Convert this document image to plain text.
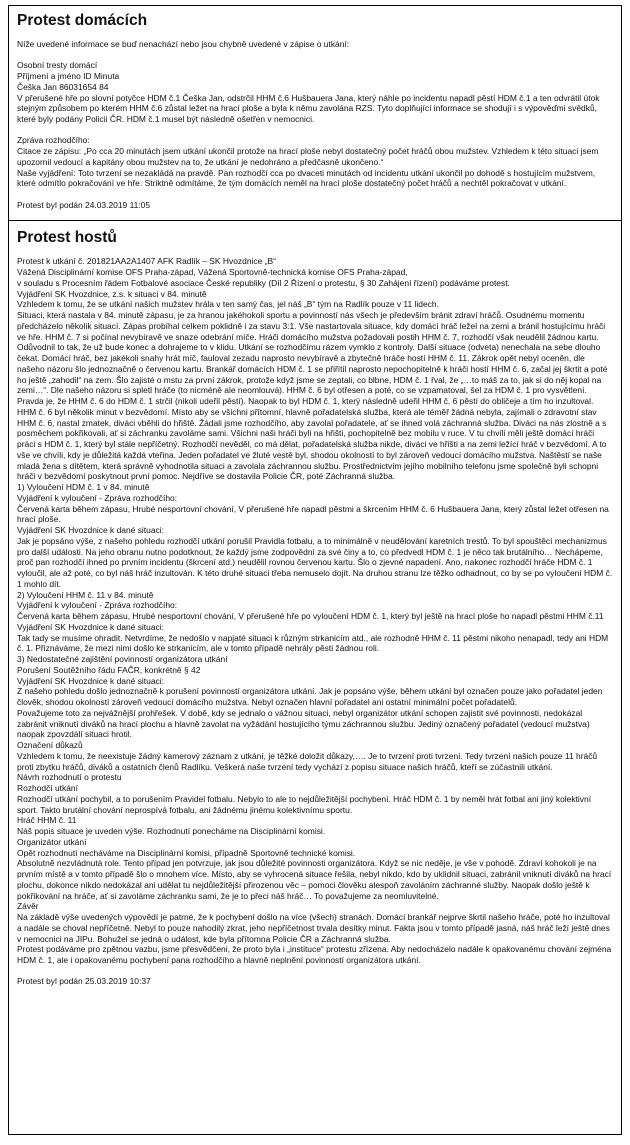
Protest domácích

Níže uvedené informace se buď nenachází nebo jsou chybně uvedené v zápise o utkání:

Osobní tresty domácí

Příjmení a jméno ID Minuta

Češka Jan 86031654 84

V přerušené hře po slovní potyčce HDM č.1 Češka Jan, odstrčil HHM č.6 Hušbauera Jana, který náhle po incidentu napadl pěstí HDM č.1 a ten odvrátil útok stejným způsobem po kterém HHM č.6 zůstal ležet na hrací ploše a byla k němu zavolána RZS. Tyto doplňující informace se shodují i s výpověďmi svědků, které byly podány Policii ČR. HDM č.1 musel být následně ošetřen v nemocnici.

Zpráva rozhodčího:

Citace ze zápisu: „Po cca 20 minutách jsem utkání ukončil protože na hrací ploše nebyl dostatečný počet hráčů obou mužstev. Vzhledem k této situaci jsem upozornil vedoucí a kapitány obou mužstev na to, že utkání je nedohráno a předčasně ukončeno.“

Naše vyjádření: Toto tvrzení se nezakládá na pravdě. Pan rozhodčí cca po dvaceti minutách od incidentu utkání ukončil po dohodě s hostujícím mužstvem, které odmítlo pokračování ve hře. Striktně odmítáme, že tým domácích neměl na hrací ploše dostatečný počet hráčů a nechtěl pokračovat v utkání.

Protest byl podán 24.03.2019 11:05

Protest hostů

Protest k utkání č. 201821AA2A1407 AFK Radlík – SK Hvozdnice „B“

Vážená Disciplinární komise OFS Praha-západ, Vážená Sportovně-technická komise OFS Praha-západ,

v souladu s Procesním řádem Fotbalové asociace České republiky (Díl 2 Řízení o protestu, § 30 Zahájení řízení) podáváme protest.

Vyjádření SK Hvozdnice, z.s. k situaci v 84. minutě

Vzhledem k tomu, že se utkání našich mužstev hrála v ten samý čas, jel náš „B“ tým na Radlík pouze v 11 lidech.

Situaci, která nastala v 84. minutě zápasu, je za hranou jakéhokoli sportu a povinností nás všech je především bránit zdraví hráčů. Osudnému momentu předcházelo několik situací. Zápas probíhal celkem poklidně i za stavu 3:1. Vše nastartovala situace, kdy domácí hráč ležel na zemi a bránil hostujícímu hráči ve hře. HHM č. 7 si počínal nevybíravě ve snaze odebrání míče. Hráči domácího mužstva požadovali postih HHM č. 7, rozhodčí však neudělil žádnou kartu. Odůvodnil to tak, že už bude konec a dohrajeme to v klidu. Utkání se rozhodčímu rázem vymklo z kontroly. Další situace (odveta) nenechala na sebe dlouho čekat. Domácí hráč, bez jakékoli snahy hrát míč, fauloval zezadu naprosto nevybíravě a zbytečně hráče hostí HHM č. 11. Zákrok opět nebyl oceněn, dle našeho názoru šlo jednoznačně o červenou kartu. Brankář domácích HDM č. 1 se přiřítil naprosto nepochopitelně k hráči hostí HHM č. 6, začal jej škrtit a poté ho ještě „zahodil“ na zem. Šlo zajisté o mstu za první zákrok, protože když jsme se zeptali, co blbne, HDM č. 1 řval, že „…to máš za to, jak si do něj kopal na zemi…“. Dle našeho názoru si spletl hráče (to nicméně ale neomlouvá). HHM č. 6 byl otřesen a poté, co se vzpamatoval, šel za HDM č. 1 pro vysvětlení. Pravda je, že HHM č. 6 do HDM č. 1 strčil (nikoli udeřil pěstí). Naopak to byl HDM č. 1, který následně udeřil HHM č. 6 pěstí do obličeje a tím ho inzultoval. HHM č. 6 byl několik minut v bezvědomí. Místo aby se všichni přítomní, hlavně pořadatelská služba, která ale téměř žádná nebyla, zajímali o zdravotní stav HHM č. 6, nastal zmatek, diváci vběhli do hřiště. Žádali jsme rozhodčího, aby zavolal pořadatele, ať se ihned volá záchranná služba. Diváci na nás zlostně a s posměchem pokřikovali, ať si záchranku zavoláme sami. Všichni naši hráči byli na hřišti, pochopitelně bez mobilu v ruce. V tu chvíli měli ještě domácí hráči práci s HDM č. 1, který byl stále nepříčetný. Rozhodčí nevěděl, co má dělat, pořadatelská služba nikde, diváci ve hřišti a na zemi ležící hráč v bezvědomí. A to vše ve chvíli, kdy je důležitá každá vteřina. Jeden pořadatel ve žluté vestě byl, shodou okolností to byl zároveň vedoucí domácího mužstva. Naštěstí se naše mladá žena s dítětem, která správně vyhodnotila situaci a zavolala záchrannou službu. Prostřednictvím jejího mobilního telefonu jsme společně byli schopni hráči v bezvědomí poskytnout první pomoc. Nejdříve se dostavila Policie ČR, poté Záchranná služba.

1) Vyloučení HDM č. 1 v 84. minutě

Vyjádření k vyloučení - Zpráva rozhodčího:

Červená karta během zápasu, Hrubé nesportovní chování, V přerušené hře napadl pěstmi a škrcením HHM č. 6 Hušbauera Jana, který zůstal ležet otřesen na hrací ploše.

Vyjádření SK Hvozdnice k dané situaci:

Jak je popsáno výše, z našeho pohledu rozhodčí utkání porušil Pravidla fotbalu, a to minimálně v neudělování karetních trestů. To byl spouštěcí mechanizmus pro další události. Na jeho obranu nutno podotknout, že každý jsme zodpovědní za své činy a to, co předvedl HDM č. 1 je něco tak brutálního… Nechápeme, proč pan rozhodčí ihned po prvním incidentu (škrcení atd.) neudělil rovnou červenou kartu. Šlo o zjevné napadení. Ano, nakonec rozhodčí hráče HDM č. 1 vyloučil, ale až poté, co byl náš hráč inzultován. K této druhé situaci třeba nemuselo dojít. Na druhou stranu lze těžko odhadnout, co by se po vyloučení HDM č. 1 mohlo dít.

2) Vyloučení HHM č. 11 v 84. minutě

Vyjádření k vyloučení - Zpráva rozhodčího:

Červená karta během zápasu, Hrubé nesportovní chování, V přerušené hře po vyloučení HDM č. 1, který byl ještě na hrací ploše ho napadl pěstmi HHM č.11

Vyjádření SK Hvozdnice k dané situaci:

Tak tady se musíme ohradit. Netvrdíme, že nedošlo v napjaté situaci k různým strkanicím atd., ale rozhodně HHM č. 11 pěstmi nikoho nenapadl, tedy ani HDM č. 1. Přiznáváme, že mezi nimi došlo ke strkanicím, ale v tomto případě nehrály pěsti žádnou roli.

3) Nedostatečné zajištění povinností organizátora utkání

Porušení Soutěžního řádu FAČR, konkrétně § 42

Vyjádření SK Hvozdnice k dané situaci:

Z našeho pohledu došlo jednoznačně k porušení povinností organizátora utkání. Jak je popsáno výše, během utkání byl označen pouze jako pořadatel jeden člověk, shodou okolností zároveň vedoucí domácího mužstva. Nebyl označen hlavní pořadatel ani ostatní minimální počet pořadatelů.

Považujeme toto za nejvážnější prohřešek. V době, kdy se jednalo o vážnou situaci, nebyl organizátor utkání schopen zajistit své povinnosti, nedokázal zabránit vniknutí diváků na hrací plochu a hlavně zavolat na vyžádání hostujícího týmu záchrannou službu. Jediný označený pořadatel (vedoucí mužstva) naopak zpovzdálí situaci hrotil.

Označení důkazů

Vzhledem k tomu, že neexistuje žádný kamerový záznam z utkání, je těžké doložit důkazy,…. Je to tvrzení proti tvrzení. Tedy tvrzení našich pouze 11 hráčů proti zbytku hráčů, diváků a ostatních členů Radlíku. Veškerá naše tvrzení tedy vychází z popisu situace našich hráčů, kteří se zúčastnili utkání.

Návrh rozhodnutí o protestu

Rozhodčí utkání

Rozhodčí utkání pochybil, a to porušením Pravidel fotbalu. Nebylo to ale to nejdůležitější pochybení. Hráč HDM č. 1 by neměl hrát fotbal ani jiný kolektivní sport. Takto brutální chování neprospívá fotbalu, ani žádnému jinému kolektivnímu sportu.

Hráč HHM č. 11

Náš popis situace je uveden výše. Rozhodnutí ponecháme na Disciplinární komisi.

Organizátor utkání

Opět rozhodnutí necháváme na Disciplinární komisi, případně Sportovně technické komisi.

Absolutně nezvládnutá role. Tento případ jen potvrzuje, jak jsou důležité povinnosti organizátora. Když se nic neděje, je vše v pohodě. Zdraví kohokoli je na prvním místě a v tomto případě šlo o mnohem více. Místo, aby se vyhrocená situace řešila, nebyl nikdo, kdo by uklidnil situaci, zabránil vniknutí diváků na hrací plochu, dokonce nikdo nedokázal ani udělat tu nejdůležitější přirozenou věc – pomoci člověku alespoň zavoláním záchranné služby. Naopak došlo ještě k pokřikování na hráče, ať si zavoláme záchranku sami, že je to přeci náš hráč… To považujeme za neomluvitelné.

Závěr

Na základě výše uvedených výpovědí je patrné, že k pochybení došlo na více (všech) stranách. Domácí brankář nejprve škrtil našeho hráče, poté ho inzultoval a nadále se choval nepříčetně. Nebyl to pouze nahodilý zkrat, jeho nepříčetnost trvala desítky minut. Fakta jsou v tomto případě jasná, náš hráč leží ještě dnes v nemocnici na JIPu. Bohužel se jedná o událost, kde byla přítomna Policie ČR a Záchranná služba.

Protest podáváme pro zpětnou vazbu, jsme přesvědčeni, že proto byla i „instituce“ protestu zřízena. Aby nedocházelo nadále k opakovanému chování zejména HDM č. 1, ale i opakovanému pochybení pana rozhodčího a hlavně neplnění povinností organizátora utkání.

Protest byl podán 25.03.2019 10:37
